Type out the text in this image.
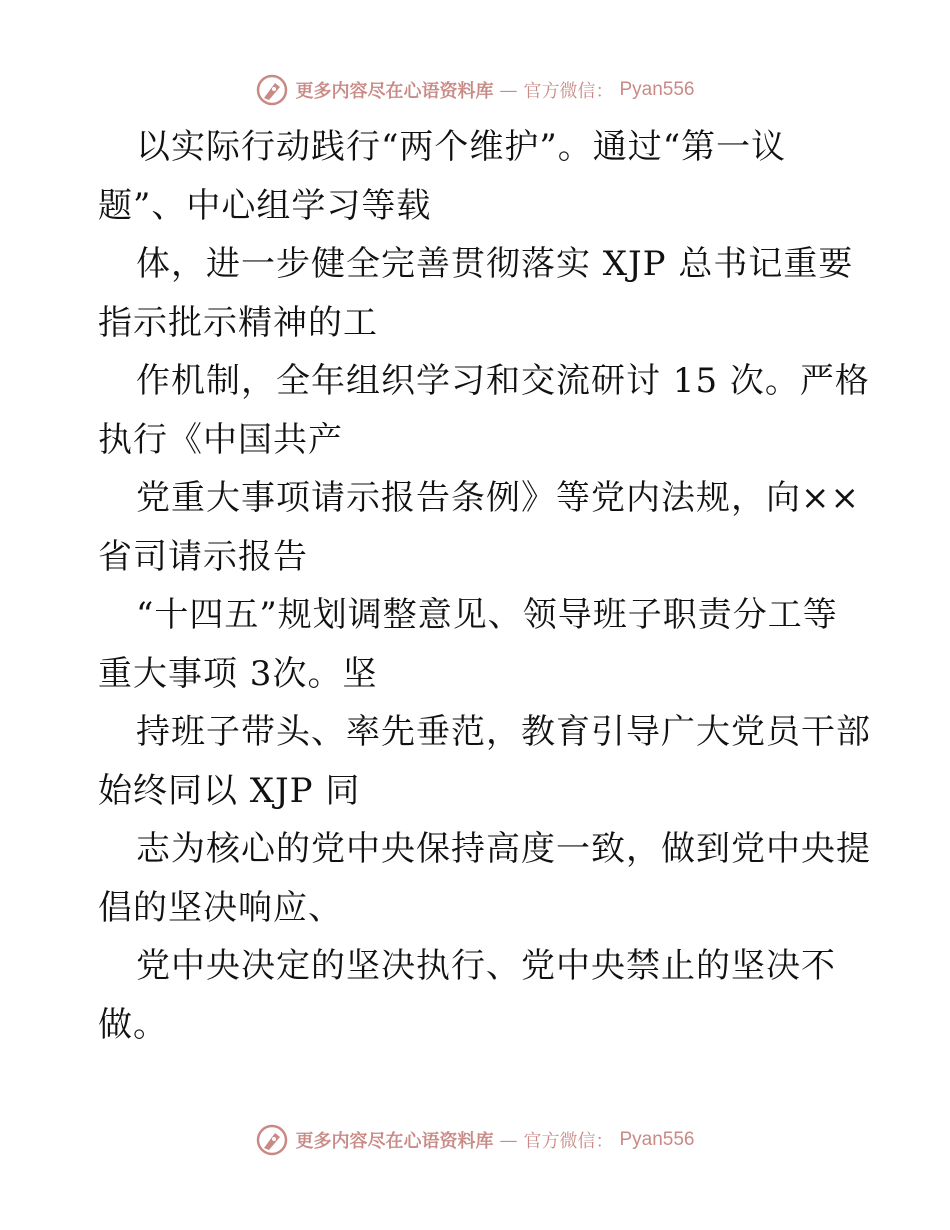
更多内容尽在心语资料库 — 官方微信： Pyan556
以实际行动践行“两个维护”。通过“第一议
题”、中心组学习等载
体，进一步健全完善贯彻落实 XJP 总书记重要
指示批示精神的工
作机制，全年组织学习和交流研讨 15 次。严格
执行《中国共产
党重大事项请示报告条例》等党内法规，向××
省司请示报告
“十四五”规划调整意见、领导班子职责分工等
重大事项 3次。坚
持班子带头、率先垂范，教育引导广大党员干部
始终同以 XJP 同
志为核心的党中央保持高度一致，做到党中央提
倡的坚决响应、
党中央决定的坚决执行、党中央禁止的坚决不
做。
更多内容尽在心语资料库 — 官方微信： Pyan556
